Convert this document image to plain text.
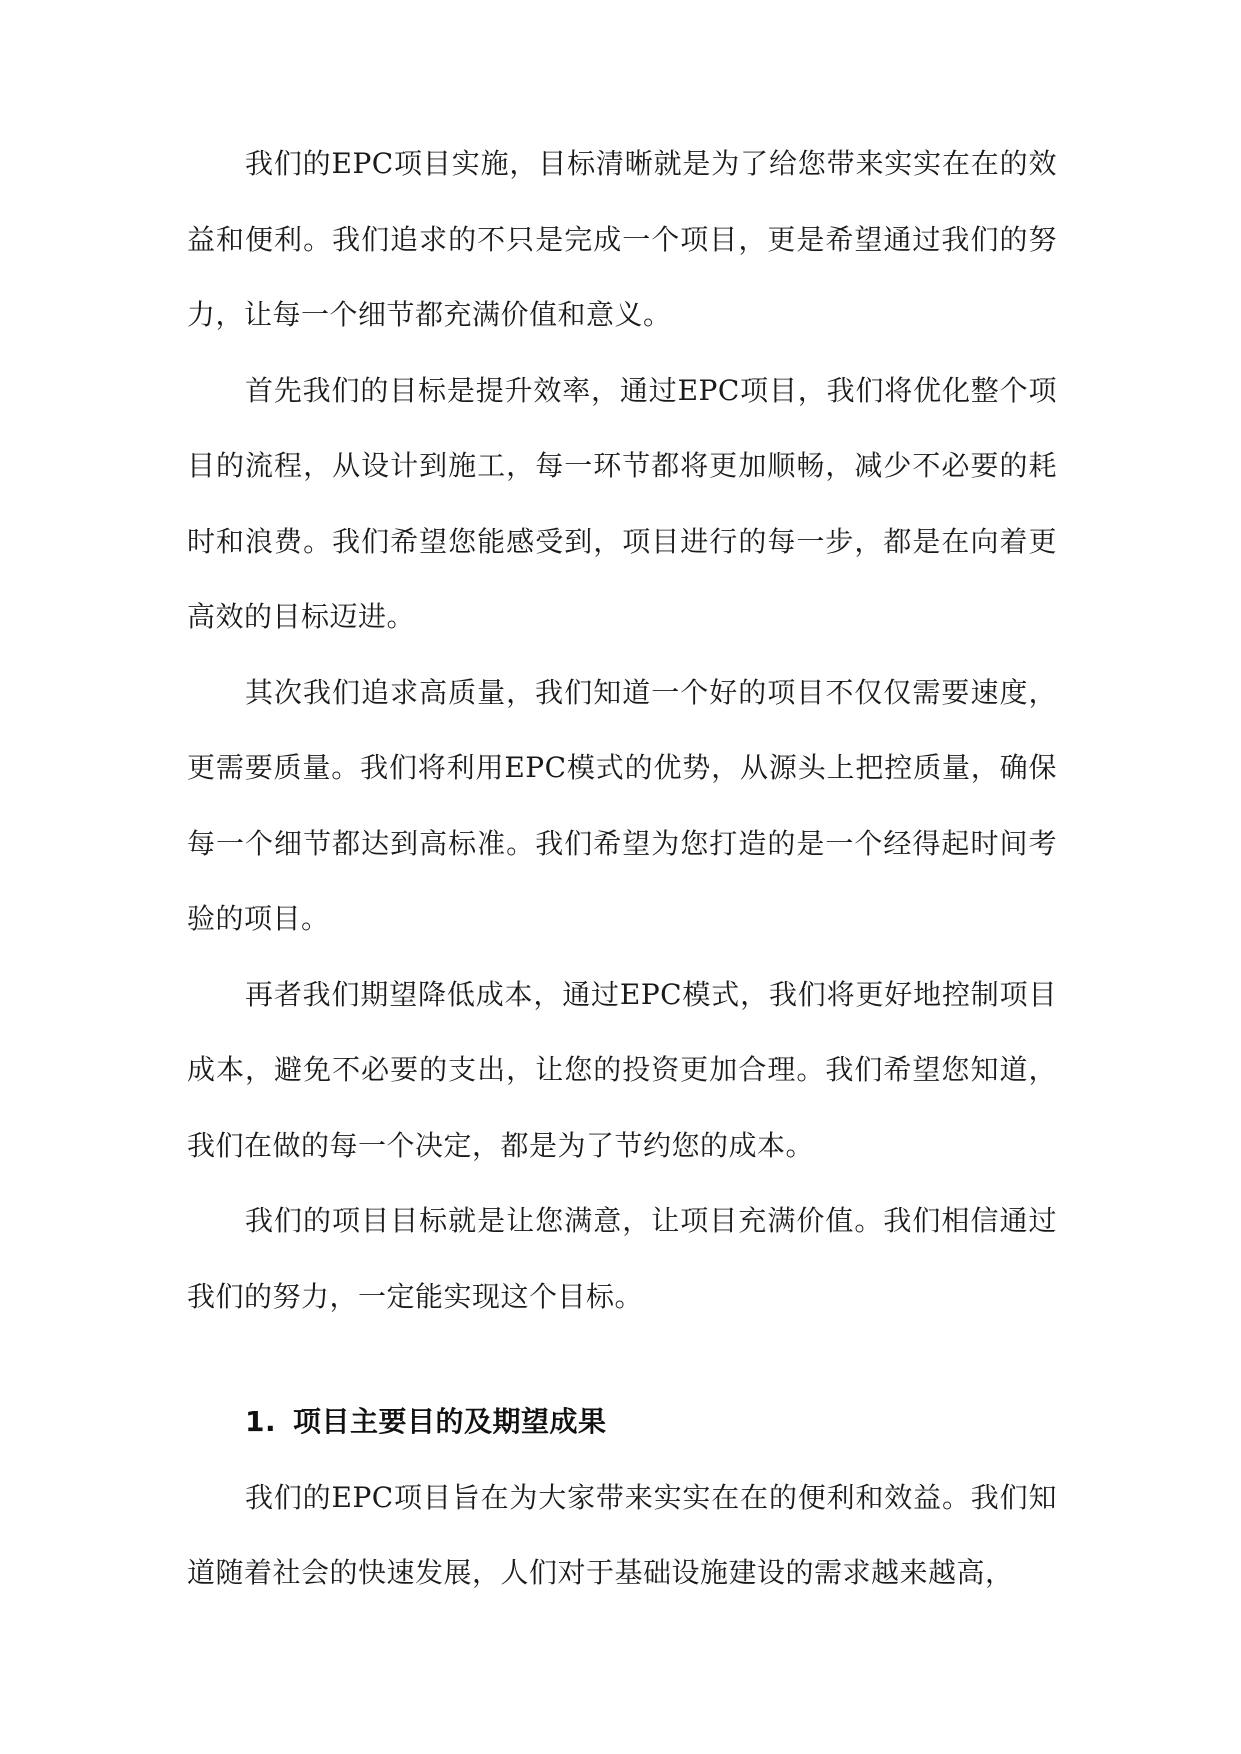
我们的EPC项目实施，目标清晰就是为了给您带来实实在在的效益和便利。我们追求的不只是完成一个项目，更是希望通过我们的努力，让每一个细节都充满价值和意义。

首先我们的目标是提升效率，通过EPC项目，我们将优化整个项目的流程，从设计到施工，每一环节都将更加顺畅，减少不必要的耗时和浪费。我们希望您能感受到，项目进行的每一步，都是在向着更高效的目标迈进。

其次我们追求高质量，我们知道一个好的项目不仅仅需要速度，更需要质量。我们将利用EPC模式的优势，从源头上把控质量，确保每一个细节都达到高标准。我们希望为您打造的是一个经得起时间考验的项目。

再者我们期望降低成本，通过EPC模式，我们将更好地控制项目成本，避免不必要的支出，让您的投资更加合理。我们希望您知道，我们在做的每一个决定，都是为了节约您的成本。

我们的项目目标就是让您满意，让项目充满价值。我们相信通过我们的努力，一定能实现这个目标。

1. 项目主要目的及期望成果

我们的EPC项目旨在为大家带来实实在在的便利和效益。我们知道随着社会的快速发展，人们对于基础设施建设的需求越来越高，
